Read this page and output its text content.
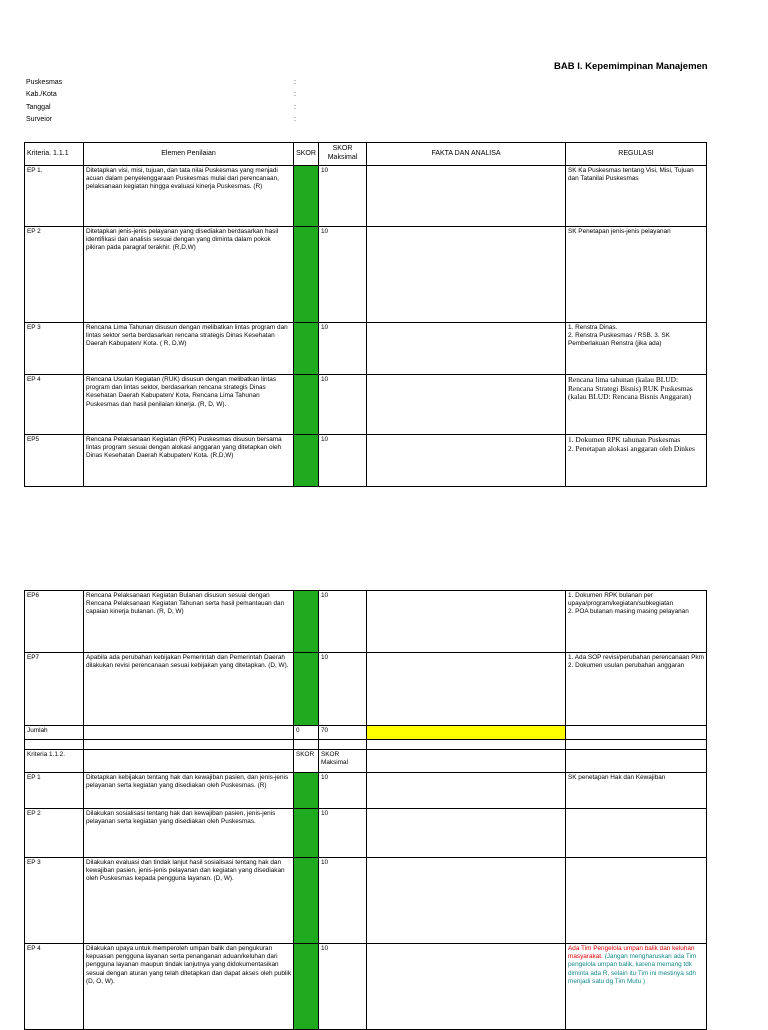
BAB I. Kepemimpinan Manajemen
Puskesmas	:
Kab./Kota	:
Tanggal	:
Surveior	:
Kriteria. 1.1.1	Elemen Penilaian	SKOR	SKOR Maksimal	FAKTA DAN ANALISA	REGULASI
EP 1.	Ditetapkan visi, misi, tujuan, dan tata nilai Puskesmas yang menjadi acuan dalam penyelenggaraan Puskesmas mulai dari perencanaan, pelaksanaan kegiatan hingga evaluasi kinerja Puskesmas. (R)		10		SK Ka Puskesmas tentang Visi, Misi, Tujuan dan Tatanilai Puskesmas
EP 2	Ditetapkan jenis-jenis pelayanan yang disediakan berdasarkan hasil identifikasi dan analisis sesuai dengan yang diminta dalam pokok pikiran pada paragraf terakhir. (R,D,W)		10		SK Penetapan jenis-jenis pelayanan
EP 3	Rencana Lima Tahunan disusun dengan melibatkan lintas program dan lintas sektor serta berdasarkan rencana strategis Dinas Kesehatan Daerah Kabupaten/ Kota. ( R, D,W)		10		1. Renstra Dinas.
2. Renstra Puskesmas / RSB. 3. SK Pemberlakuan Renstra (jika ada)
EP 4	Rencana Usulan Kegiatan (RUK) disusun dengan melibatkan lintas program dan lintas sektor, berdasarkan rencana strategis Dinas Kesehatan Daerah Kabupaten/ Kota, Rencana Lima Tahunan Puskesmas dan hasil penilaian kinerja. (R, D, W).		10		Rencana lima tahunan (kalau BLUD: Rencana Strategi Bisnis) RUK Puskesmas (kalau BLUD: Rencana Bisnis Anggaran)
EP5	Rencana Pelaksanaan Kegiatan (RPK) Puskesmas disusun bersama lintas program sesuai dengan alokasi anggaran yang ditetapkan oleh Dinas Kesehatan Daerah Kabupaten/ Kota. (R,D,W)		10		1. Dokumen RPK tahunan Puskesmas
2. Penetapan alokasi anggaran oleh Dinkes
EP6	Rencana Pelaksanaan Kegiatan Bulanan disusun sesuai dengan Rencana Pelaksanaan Kegiatan Tahunan serta hasil pemantauan dan capaian kinerja bulanan. (R, D, W)		10		1. Dokumen RPK bulanan per upaya/program/kegiatan/subkegiatan
2. POA bulanan masing masing pelayanan
EP7	Apabila ada perubahan kebijakan Pemerintah dan Pemerintah Daerah dilakukan revisi perencanaan sesuai kebijakan yang ditetapkan. (D, W).		10		1. Ada SOP revisi/perubahan perencanaan Pkm
2. Dokumen usulan perubahan anggaran
Jumlah		0	70		

Kriteria 1.1.2.		SKOR	SKOR Maksimal		
EP 1	Ditetapkan kebijakan tentang hak dan kewajiban pasien, dan jenis-jenis pelayanan serta kegiatan yang disediakan oleh Puskesmas. (R)		10		SK penetapan Hak dan Kewajiban
EP 2	Dilakukan sosialisasi tentang hak dan kewajiban pasien, jenis-jenis pelayanan serta kegiatan yang disediakan oleh Puskesmas.		10		
EP 3	Dilakukan evaluasi dan tindak lanjut hasil sosialisasi tentang hak dan kewajiban pasien, jenis-jenis pelayanan dan kegiatan yang disediakan oleh Puskesmas kepada pengguna layanan. (D, W).		10		
EP 4	Dilakukan upaya untuk memperoleh umpan balik dan pengukuran kepuasan pengguna layanan serta penanganan aduan/keluhan dari pengguna layanan maupun tindak lanjutnya yang didokumentasikan sesuai dengan aturan yang telah ditetapkan dan dapat akses oleh publik (D, O, W).		10		Ada Tim Pengelola umpan balik dan keluhan masyarakat. (Jangan mengharuskan ada Tim pengelola umpan balik, karena memang tdk diminta ada R, selain itu Tim ini mestinya sdh menjadi satu dg Tim Mutu )
